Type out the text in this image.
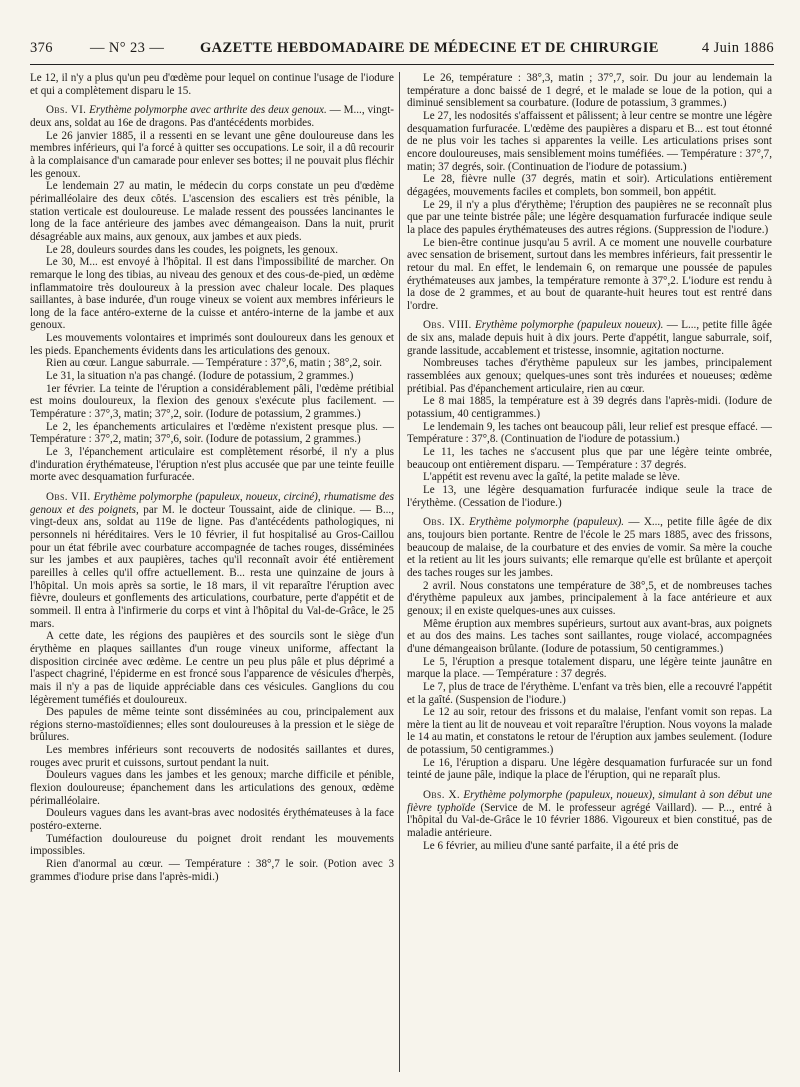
376	— N° 23 — GAZETTE HEBDOMADAIRE DE MÉDECINE ET DE CHIRURGIE	4 Juin 1886

Le 12, il n'y a plus qu'un peu d'œdème pour lequel on continue l'usage de l'iodure et qui a complètement disparu le 15.

Obs. VI. Erythème polymorphe avec arthrite des deux genoux. — M..., vingt-deux ans, soldat au 16e de dragons. Pas d'antécédents morbides.

Le 26 janvier 1885, il a ressenti en se levant une gêne douloureuse dans les membres inférieurs, qui l'a forcé à quitter ses occupations. Le soir, il a dû recourir à la complaisance d'un camarade pour enlever ses bottes; il ne pouvait plus fléchir les genoux.

Le lendemain 27 au matin, le médecin du corps constate un peu d'œdème périmalléolaire des deux côtés. L'ascension des escaliers est très pénible, la station verticale est douloureuse. Le malade ressent des poussées lancinantes le long de la face antérieure des jambes avec démangeaison. Dans la nuit, prurit désagréable aux mains, aux genoux, aux jambes et aux pieds.

Le 28, douleurs sourdes dans les coudes, les poignets, les genoux.

Le 30, M... est envoyé à l'hôpital. Il est dans l'impossibilité de marcher. On remarque le long des tibias, au niveau des genoux et des cous-de-pied, un œdème inflammatoire très douloureux à la pression avec chaleur locale. Des plaques saillantes, à base indurée, d'un rouge vineux se voient aux membres inférieurs le long de la face antéro-externe de la cuisse et antéro-interne de la jambe et aux genoux.

Les mouvements volontaires et imprimés sont douloureux dans les genoux et les pieds. Epanchements évidents dans les articulations des genoux.

Rien au cœur. Langue saburrale. — Température : 37°,6, matin ; 38°,2, soir.

Le 31, la situation n'a pas changé. (Iodure de potassium, 2 grammes.)

1er février. La teinte de l'éruption a considérablement pâli, l'œdème prétibial est moins douloureux, la flexion des genoux s'exécute plus facilement. — Température : 37°,3, matin; 37°,2, soir. (Iodure de potassium, 2 grammes.)

Le 2, les épanchements articulaires et l'œdème n'existent presque plus. — Température : 37°,2, matin; 37°,6, soir. (Iodure de potassium, 2 grammes.)

Le 3, l'épanchement articulaire est complètement résorbé, il n'y a plus d'induration érythémateuse, l'éruption n'est plus accusée que par une teinte feuille morte avec desquamation furfuracée.

Obs. VII. Erythème polymorphe (papuleux, noueux, circiné), rhumatisme des genoux et des poignets, par M. le docteur Toussaint, aide de clinique. — B..., vingt-deux ans, soldat au 119e de ligne. Pas d'antécédents pathologiques, ni personnels ni héréditaires. Vers le 10 février, il fut hospitalisé au Gros-Caillou pour un état fébrile avec courbature accompagnée de taches rouges, disséminées sur les jambes et aux paupières, taches qu'il reconnaît avoir été entièrement pareilles à celles qu'il offre actuellement. B... resta une quinzaine de jours à l'hôpital. Un mois après sa sortie, le 18 mars, il vit reparaître l'éruption avec fièvre, douleurs et gonflements des articulations, courbature, perte d'appétit et de sommeil. Il entra à l'infirmerie du corps et vint à l'hôpital du Val-de-Grâce, le 25 mars.

A cette date, les régions des paupières et des sourcils sont le siège d'un érythème en plaques saillantes d'un rouge vineux uniforme, affectant la disposition circinée avec œdème. Le centre un peu plus pâle et plus déprimé a l'aspect chagriné, l'épiderme en est froncé sous l'apparence de vésicules d'herpès, mais il n'y a pas de liquide appréciable dans ces vésicules. Ganglions du cou légèrement tuméfiés et douloureux.

Des papules de même teinte sont disséminées au cou, principalement aux régions sterno-mastoïdiennes; elles sont douloureuses à la pression et le siège de brûlures.

Les membres inférieurs sont recouverts de nodosités saillantes et dures, rouges avec prurit et cuissons, surtout pendant la nuit.

Douleurs vagues dans les jambes et les genoux; marche difficile et pénible, flexion douloureuse; épanchement dans les articulations des genoux, œdème périmalléolaire.

Douleurs vagues dans les avant-bras avec nodosités érythémateuses à la face postéro-externe.

Tuméfaction douloureuse du poignet droit rendant les mouvements impossibles.

Rien d'anormal au cœur. — Température : 38°,7 le soir. (Potion avec 3 grammes d'iodure prise dans l'après-midi.)

Le 26, température : 38°,3, matin ; 37°,7, soir. Du jour au lendemain la température a donc baissé de 1 degré, et le malade se loue de la potion, qui a diminué sensiblement sa courbature. (Iodure de potassium, 3 grammes.)

Le 27, les nodosités s'affaissent et pâlissent; à leur centre se montre une légère desquamation furfuracée. L'œdème des paupières a disparu et B... est tout étonné de ne plus voir les taches si apparentes la veille. Les articulations prises sont encore douloureuses, mais sensiblement moins tuméfiées. — Température : 37°,7, matin; 37 degrés, soir. (Continuation de l'iodure de potassium.)

Le 28, fièvre nulle (37 degrés, matin et soir). Articulations entièrement dégagées, mouvements faciles et complets, bon sommeil, bon appétit.

Le 29, il n'y a plus d'érythème; l'éruption des paupières ne se reconnaît plus que par une teinte bistrée pâle; une légère desquamation furfuracée indique seule la place des papules érythémateuses des autres régions. (Suppression de l'iodure.)

Le bien-être continue jusqu'au 5 avril. A ce moment une nouvelle courbature avec sensation de brisement, surtout dans les membres inférieurs, fait pressentir le retour du mal. En effet, le lendemain 6, on remarque une poussée de papules érythémateuses aux jambes, la température remonte à 37°,2. L'iodure est rendu à la dose de 2 grammes, et au bout de quarante-huit heures tout est rentré dans l'ordre.

Obs. VIII. Erythème polymorphe (papuleux noueux). — L..., petite fille âgée de six ans, malade depuis huit à dix jours. Perte d'appétit, langue saburrale, soif, grande lassitude, accablement et tristesse, insomnie, agitation nocturne.

Nombreuses taches d'érythème papuleux sur les jambes, principalement rassemblées aux genoux; quelques-unes sont très indurées et noueuses; œdème prétibial. Pas d'épanchement articulaire, rien au cœur.

Le 8 mai 1885, la température est à 39 degrés dans l'après-midi. (Iodure de potassium, 40 centigrammes.)

Le lendemain 9, les taches ont beaucoup pâli, leur relief est presque effacé. — Température : 37°,8. (Continuation de l'iodure de potassium.)

Le 11, les taches ne s'accusent plus que par une légère teinte ombrée, beaucoup ont entièrement disparu. — Température : 37 degrés.

L'appétit est revenu avec la gaîté, la petite malade se lève.

Le 13, une légère desquamation furfuracée indique seule la trace de l'érythème. (Cessation de l'iodure.)

Obs. IX. Erythème polymorphe (papuleux). — X..., petite fille âgée de dix ans, toujours bien portante. Rentre de l'école le 25 mars 1885, avec des frissons, beaucoup de malaise, de la courbature et des envies de vomir. Sa mère la couche et la retient au lit les jours suivants; elle remarque qu'elle est brûlante et aperçoit des taches rouges sur les jambes.

2 avril. Nous constatons une température de 38°,5, et de nombreuses taches d'érythème papuleux aux jambes, principalement à la face antérieure et aux genoux; il en existe quelques-unes aux cuisses.

Même éruption aux membres supérieurs, surtout aux avant-bras, aux poignets et au dos des mains. Les taches sont saillantes, rouge violacé, accompagnées d'une démangeaison brûlante. (Iodure de potassium, 50 centigrammes.)

Le 5, l'éruption a presque totalement disparu, une légère teinte jaunâtre en marque la place. — Température : 37 degrés.

Le 7, plus de trace de l'érythème. L'enfant va très bien, elle a recouvré l'appétit et la gaîté. (Suspension de l'iodure.)

Le 12 au soir, retour des frissons et du malaise, l'enfant vomit son repas. La mère la tient au lit de nouveau et voit reparaître l'éruption. Nous voyons la malade le 14 au matin, et constatons le retour de l'éruption aux jambes seulement. (Iodure de potassium, 50 centigrammes.)

Le 16, l'éruption a disparu. Une légère desquamation furfuracée sur un fond teinté de jaune pâle, indique la place de l'éruption, qui ne reparaît plus.

Obs. X. Erythème polymorphe (papuleux, noueux), simulant à son début une fièvre typhoïde (Service de M. le professeur agrégé Vaillard). — P..., entré à l'hôpital du Val-de-Grâce le 10 février 1886. Vigoureux et bien constitué, pas de maladie antérieure.

Le 6 février, au milieu d'une santé parfaite, il a été pris de
